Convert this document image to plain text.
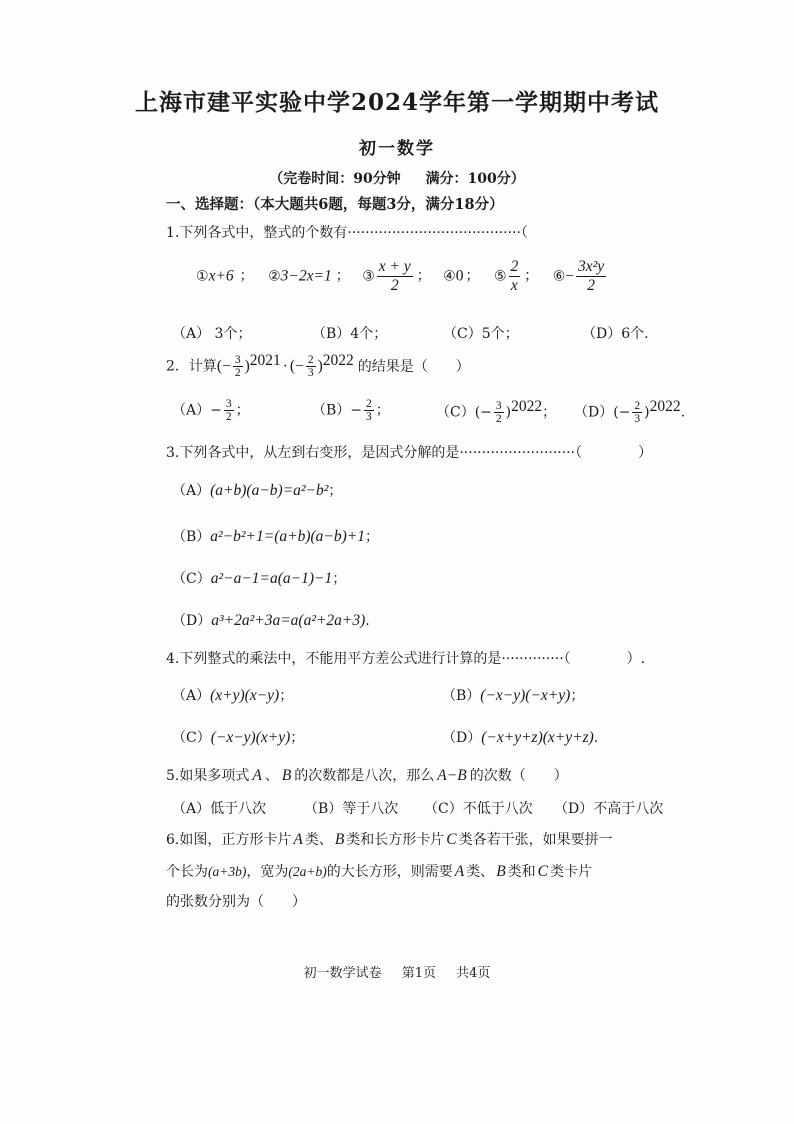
上海市建平实验中学2024学年第一学期期中考试
初一数学
（完卷时间：90分钟 满分：100分）
一、选择题：（本大题共6题，每题3分，满分18分）
1.下列各式中，整式的个数有·······································（
①x+6 ； ②3−2x=1 ； ③ $\frac{x + y}{2}$ ； ④0 ； ⑤ $\frac{2}{x}$ ； ⑥− $\frac{\text{3x²y}}{2}$
（A） 3个；	（B）4个；	（C）5个；	（D）6个.
2．计算(− $\frac{3}{2} )^{2021}$ · (− $\frac{2}{3} )^{2022}$ 的结果是（　　）
$(A)- \frac{3}{2}$ ；	$(B)- \frac{2}{3}$ ；	$(C)(- \frac{3}{2} )^{2022}$； $(D)(- \frac{2}{3} )^{2022}$.
3.下列各式中，从左到右变形，是因式分解的是··························（　　　　）
（A）(a+b)(a−b)=a²−b²；
（B）a²−b²+1=(a+b)(a−b)+1；
（C）a²−a−1=a(a−1)−1；
（D）a³+2a²+3a=a(a²+2a+3).
4.下列整式的乘法中，不能用平方差公式进行计算的是··············（　　　　）.
（A）(x+y)(x−y)；	（B）(−x−y)(−x+y)；
（C）(−x−y)(x+y)；	（D）(−x+y+z)(x+y+z).
5.如果多项式 A 、 B 的次数都是八次，那么 A−B 的次数（　　）
（A）低于八次	（B）等于八次 （C）不低于八次 （D）不高于八次
6.如图，正方形卡片 A 类、 B 类和长方形卡片 C 类各若干张，如果要拼一
个长为(a+3b)，宽为(2a+b)的大长方形，则需要 A 类、 B 类和 C 类卡片
的张数分别为（　　）
初一数学试卷 第1页 共4页
